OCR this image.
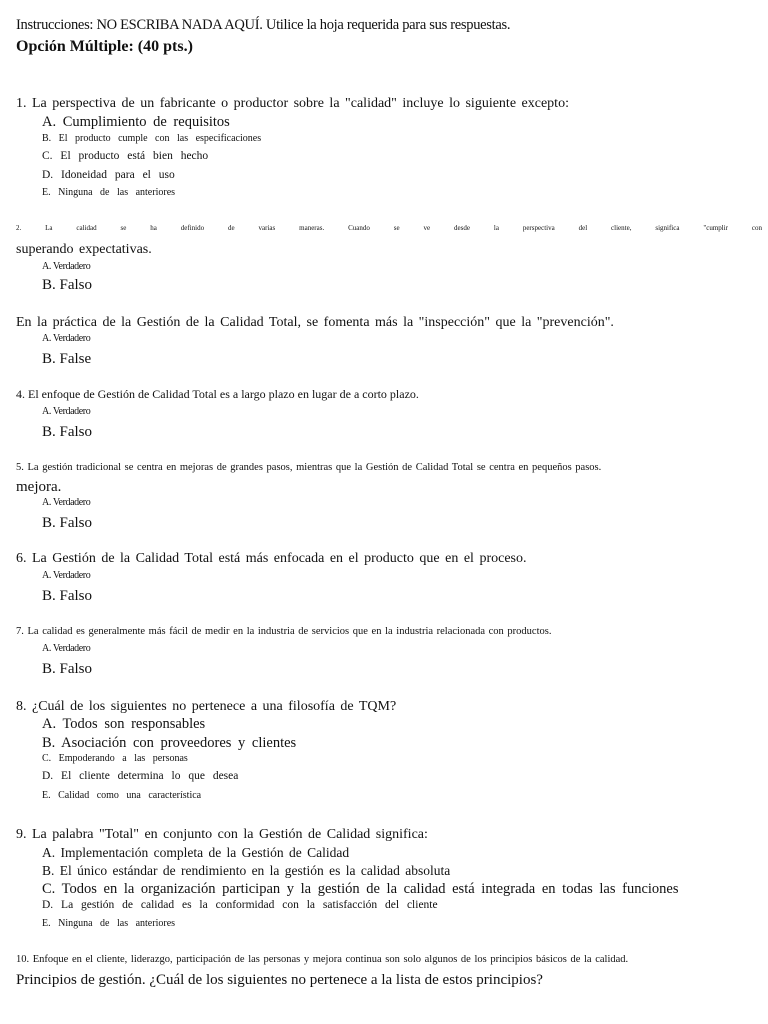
Instrucciones: NO ESCRIBA NADA AQUÍ. Utilice la hoja requerida para sus respuestas.
Opción Múltiple: (40 pts.)
1. La perspectiva de un fabricante o productor sobre la "calidad" incluye lo siguiente excepto:
A. Cumplimiento de requisitos
B. El producto cumple con las especificaciones
C. El producto está bien hecho
D. Idoneidad para el uso
E. Ninguna de las anteriores
2. La calidad se ha definido de varias maneras. Cuando se ve desde la perspectiva del cliente, significa "cumplir con
superando expectativas.
A. Verdadero
B. Falso
En la práctica de la Gestión de la Calidad Total, se fomenta más la "inspección" que la "prevención".
A. Verdadero
B. False
4. El enfoque de Gestión de Calidad Total es a largo plazo en lugar de a corto plazo.
A. Verdadero
B. Falso
5. La gestión tradicional se centra en mejoras de grandes pasos, mientras que la Gestión de Calidad Total se centra en pequeños pasos.
mejora.
A. Verdadero
B. Falso
6. La Gestión de la Calidad Total está más enfocada en el producto que en el proceso.
A. Verdadero
B. Falso
7. La calidad es generalmente más fácil de medir en la industria de servicios que en la industria relacionada con productos.
A. Verdadero
B. Falso
8. ¿Cuál de los siguientes no pertenece a una filosofía de TQM?
A. Todos son responsables
B. Asociación con proveedores y clientes
C. Empoderando a las personas
D. El cliente determina lo que desea
E. Calidad como una característica
9. La palabra "Total" en conjunto con la Gestión de Calidad significa:
A. Implementación completa de la Gestión de Calidad
B. El único estándar de rendimiento en la gestión es la calidad absoluta
C. Todos en la organización participan y la gestión de la calidad está integrada en todas las funciones
D. La gestión de calidad es la conformidad con la satisfacción del cliente
E. Ninguna de las anteriores
10. Enfoque en el cliente, liderazgo, participación de las personas y mejora continua son solo algunos de los principios básicos de la calidad.
Principios de gestión. ¿Cuál de los siguientes no pertenece a la lista de estos principios?
